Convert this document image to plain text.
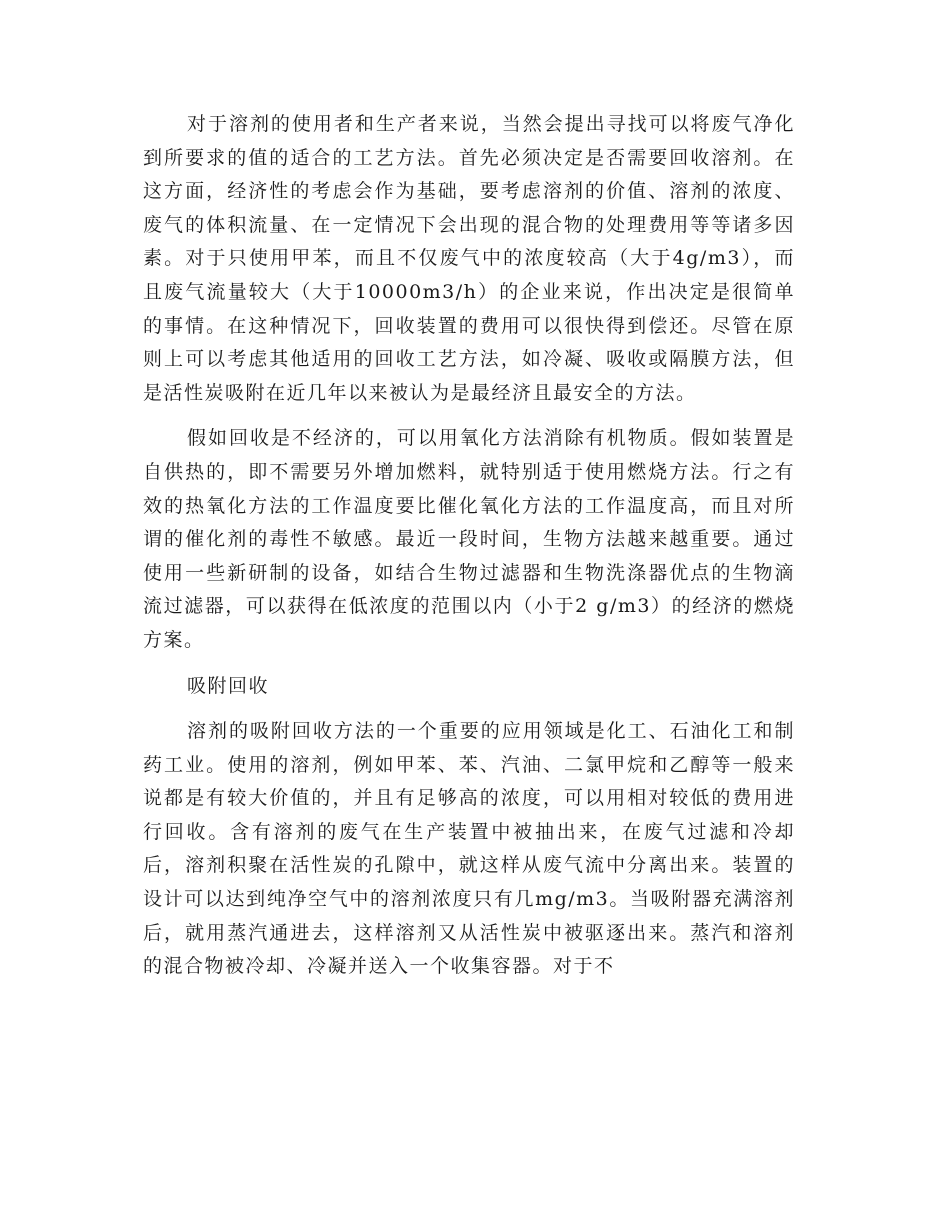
对于溶剂的使用者和生产者来说，当然会提出寻找可以将废气净化到所要求的值的适合的工艺方法。首先必须决定是否需要回收溶剂。在这方面，经济性的考虑会作为基础，要考虑溶剂的价值、溶剂的浓度、废气的体积流量、在一定情况下会出现的混合物的处理费用等等诸多因素。对于只使用甲苯，而且不仅废气中的浓度较高（大于4g/m3），而且废气流量较大（大于10000m3/h）的企业来说，作出决定是很简单的事情。在这种情况下，回收装置的费用可以很快得到偿还。尽管在原则上可以考虑其他适用的回收工艺方法，如冷凝、吸收或隔膜方法，但是活性炭吸附在近几年以来被认为是最经济且最安全的方法。

假如回收是不经济的，可以用氧化方法消除有机物质。假如装置是自供热的，即不需要另外增加燃料，就特别适于使用燃烧方法。行之有效的热氧化方法的工作温度要比催化氧化方法的工作温度高，而且对所谓的催化剂的毒性不敏感。最近一段时间，生物方法越来越重要。通过使用一些新研制的设备，如结合生物过滤器和生物洗涤器优点的生物滴流过滤器，可以获得在低浓度的范围以内（小于2 g/m3）的经济的燃烧方案。

吸附回收

溶剂的吸附回收方法的一个重要的应用领域是化工、石油化工和制药工业。使用的溶剂，例如甲苯、苯、汽油、二氯甲烷和乙醇等一般来说都是有较大价值的，并且有足够高的浓度，可以用相对较低的费用进行回收。含有溶剂的废气在生产装置中被抽出来，在废气过滤和冷却后，溶剂积聚在活性炭的孔隙中，就这样从废气流中分离出来。装置的设计可以达到纯净空气中的溶剂浓度只有几mg/m3。当吸附器充满溶剂后，就用蒸汽通进去，这样溶剂又从活性炭中被驱逐出来。蒸汽和溶剂的混合物被冷却、冷凝并送入一个收集容器。对于不
